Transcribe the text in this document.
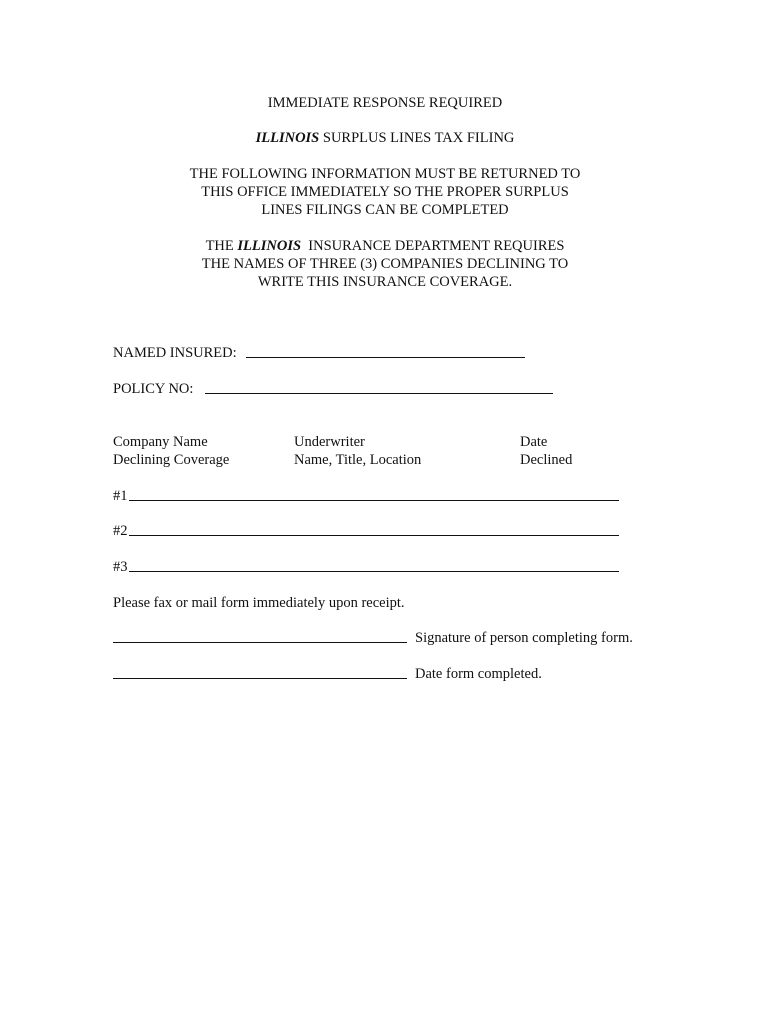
IMMEDIATE RESPONSE REQUIRED
ILLINOIS SURPLUS LINES TAX FILING
THE FOLLOWING INFORMATION MUST BE RETURNED TO
THIS OFFICE IMMEDIATELY SO THE PROPER SURPLUS
LINES FILINGS CAN BE COMPLETED
THE ILLINOIS INSURANCE DEPARTMENT REQUIRES
THE NAMES OF THREE (3) COMPANIES DECLINING TO
WRITE THIS INSURANCE COVERAGE.
NAMED INSURED:
POLICY NO:
Company Name
Declining Coverage
Underwriter
Name, Title, Location
Date
Declined
#1
#2
#3
Please fax or mail form immediately upon receipt.
Signature of person completing form.
Date form completed.
